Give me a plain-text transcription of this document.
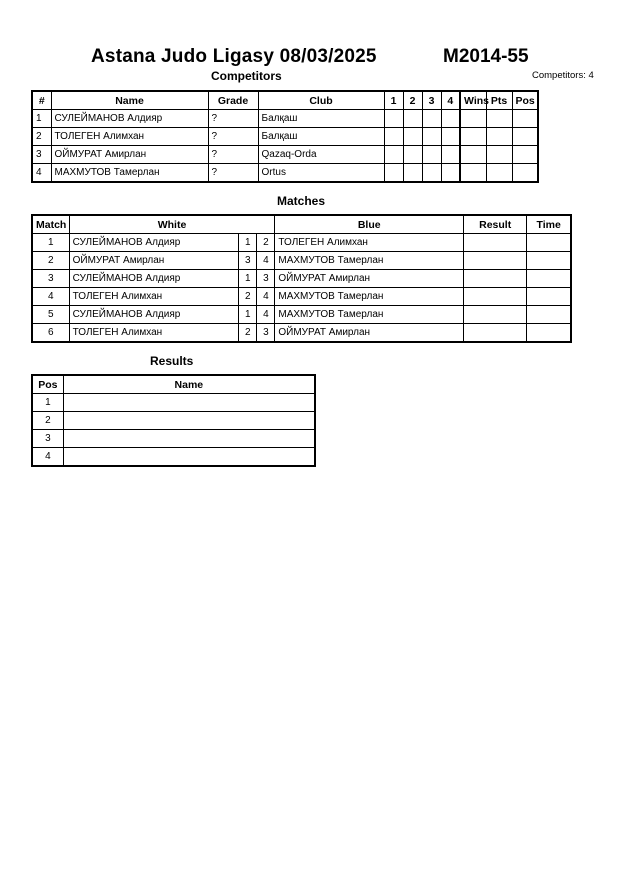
Astana Judo Ligasy 08/03/2025	M2014-55
Competitors: 4
Competitors
#	Name	Grade	Club	1	2	3	4	Wins	Pts	Pos
1	СУЛЕЙМАНОВ Алдияр	?	Балқаш							
2	ТОЛЕГЕН Алимхан	?	Балқаш							
3	ОЙМУРАТ Амирлан	?	Qazaq-Orda							
4	МАХМУТОВ Тамерлан	?	Ortus							
Matches
Match	White			Blue	Result	Time
1	СУЛЕЙМАНОВ Алдияр	1	2	ТОЛЕГЕН Алимхан		
2	ОЙМУРАТ Амирлан	3	4	МАХМУТОВ Тамерлан		
3	СУЛЕЙМАНОВ Алдияр	1	3	ОЙМУРАТ Амирлан		
4	ТОЛЕГЕН Алимхан	2	4	МАХМУТОВ Тамерлан		
5	СУЛЕЙМАНОВ Алдияр	1	4	МАХМУТОВ Тамерлан		
6	ТОЛЕГЕН Алимхан	2	3	ОЙМУРАТ Амирлан		
Results
Pos	Name
1	
2	
3	
4	
